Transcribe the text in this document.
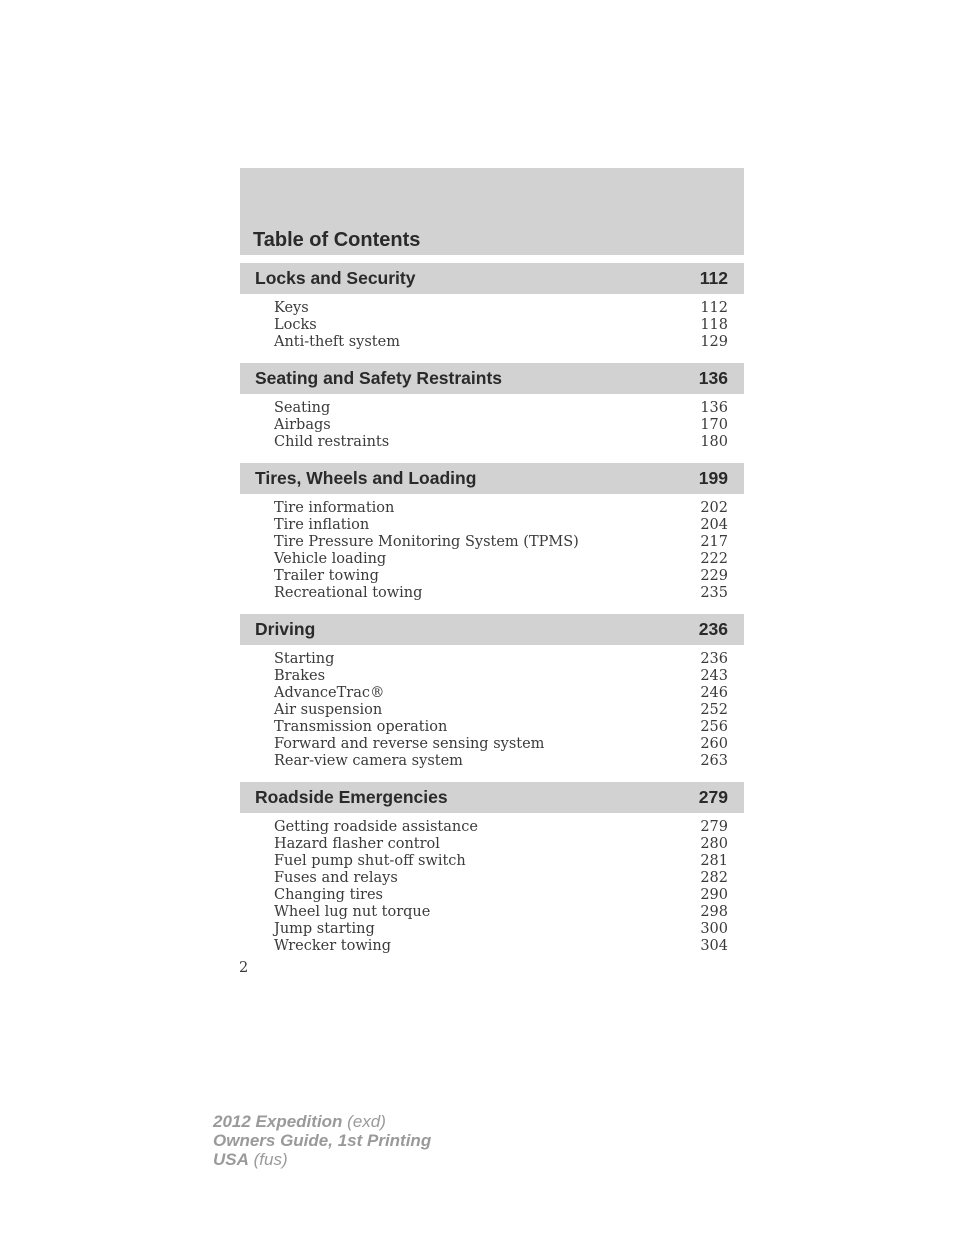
Table of Contents
Locks and Security	112
Keys	112
Locks	118
Anti-theft system	129
Seating and Safety Restraints	136
Seating	136
Airbags	170
Child restraints	180
Tires, Wheels and Loading	199
Tire information	202
Tire inflation	204
Tire Pressure Monitoring System (TPMS)	217
Vehicle loading	222
Trailer towing	229
Recreational towing	235
Driving	236
Starting	236
Brakes	243
AdvanceTrac®	246
Air suspension	252
Transmission operation	256
Forward and reverse sensing system	260
Rear-view camera system	263
Roadside Emergencies	279
Getting roadside assistance	279
Hazard flasher control	280
Fuel pump shut-off switch	281
Fuses and relays	282
Changing tires	290
Wheel lug nut torque	298
Jump starting	300
Wrecker towing	304
2
2012 Expedition (exd)
Owners Guide, 1st Printing
USA (fus)
